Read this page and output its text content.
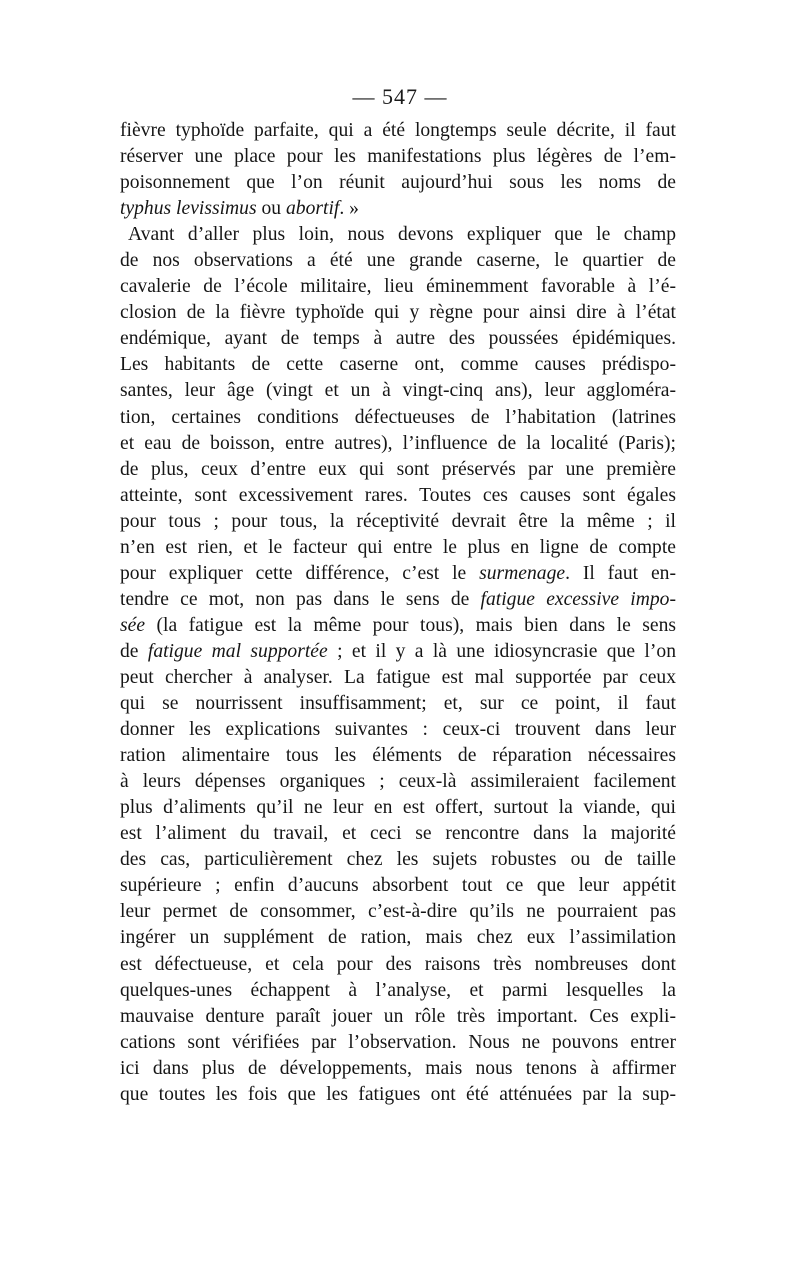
— 547 —
fièvre typhoïde parfaite, qui a été longtemps seule décrite, il faut
réserver une place pour les manifestations plus légères de l’em-
poisonnement que l’on réunit aujourd’hui sous les noms de
typhus levissimus ou abortif. »
Avant d’aller plus loin, nous devons expliquer que le champ
de nos observations a été une grande caserne, le quartier de
cavalerie de l’école militaire, lieu éminemment favorable à l’é-
closion de la fièvre typhoïde qui y règne pour ainsi dire à l’état
endémique, ayant de temps à autre des poussées épidémiques.
Les habitants de cette caserne ont, comme causes prédispo-
santes, leur âge (vingt et un à vingt-cinq ans), leur aggloméra-
tion, certaines conditions défectueuses de l’habitation (latrines
et eau de boisson, entre autres), l’influence de la localité (Paris);
de plus, ceux d’entre eux qui sont préservés par une première
atteinte, sont excessivement rares. Toutes ces causes sont égales
pour tous ; pour tous, la réceptivité devrait être la même ; il
n’en est rien, et le facteur qui entre le plus en ligne de compte
pour expliquer cette différence, c’est le surmenage. Il faut en-
tendre ce mot, non pas dans le sens de fatigue excessive impo-
sée (la fatigue est la même pour tous), mais bien dans le sens
de fatigue mal supportée ; et il y a là une idiosyncrasie que l’on
peut chercher à analyser. La fatigue est mal supportée par ceux
qui se nourrissent insuffisamment; et, sur ce point, il faut
donner les explications suivantes : ceux-ci trouvent dans leur
ration alimentaire tous les éléments de réparation nécessaires
à leurs dépenses organiques ; ceux-là assimileraient facilement
plus d’aliments qu’il ne leur en est offert, surtout la viande, qui
est l’aliment du travail, et ceci se rencontre dans la majorité
des cas, particulièrement chez les sujets robustes ou de taille
supérieure ; enfin d’aucuns absorbent tout ce que leur appétit
leur permet de consommer, c’est-à-dire qu’ils ne pourraient pas
ingérer un supplément de ration, mais chez eux l’assimilation
est défectueuse, et cela pour des raisons très nombreuses dont
quelques-unes échappent à l’analyse, et parmi lesquelles la
mauvaise denture paraît jouer un rôle très important. Ces expli-
cations sont vérifiées par l’observation. Nous ne pouvons entrer
ici dans plus de développements, mais nous tenons à affirmer
que toutes les fois que les fatigues ont été atténuées par la sup-
